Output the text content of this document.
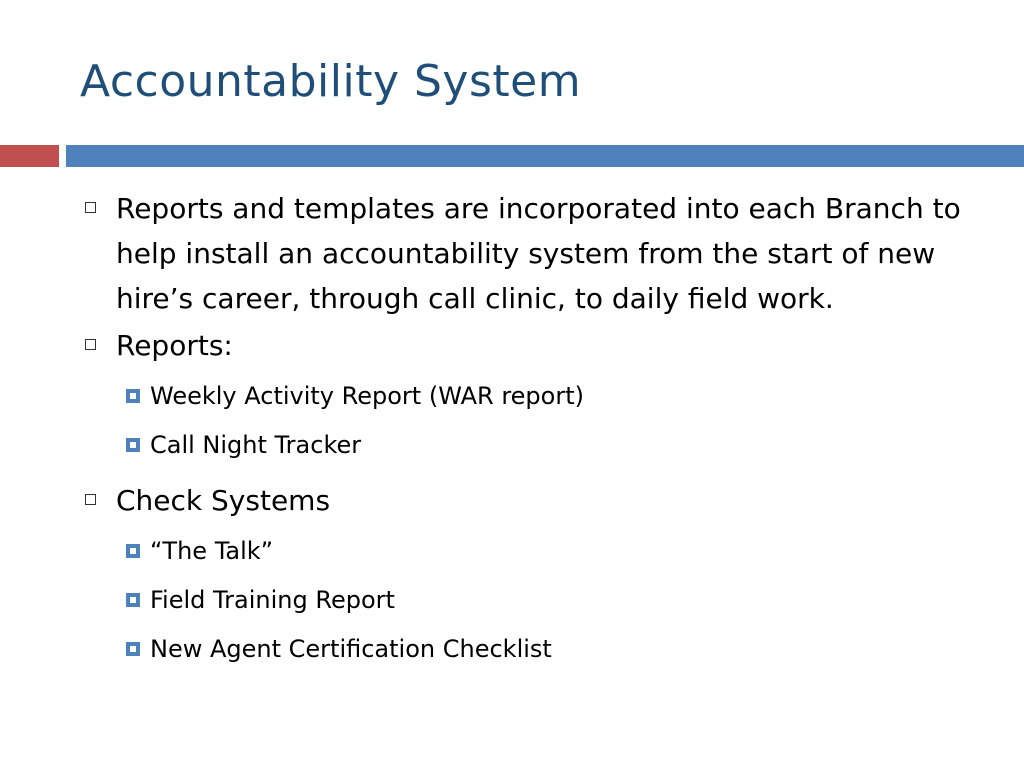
Accountability System
Reports and templates are incorporated into each Branch to help install an accountability system from the start of new hire’s career, through call clinic, to daily field work.
Reports:
Weekly Activity Report (WAR report)
Call Night Tracker
Check Systems
“The Talk”
Field Training Report
New Agent Certification Checklist
